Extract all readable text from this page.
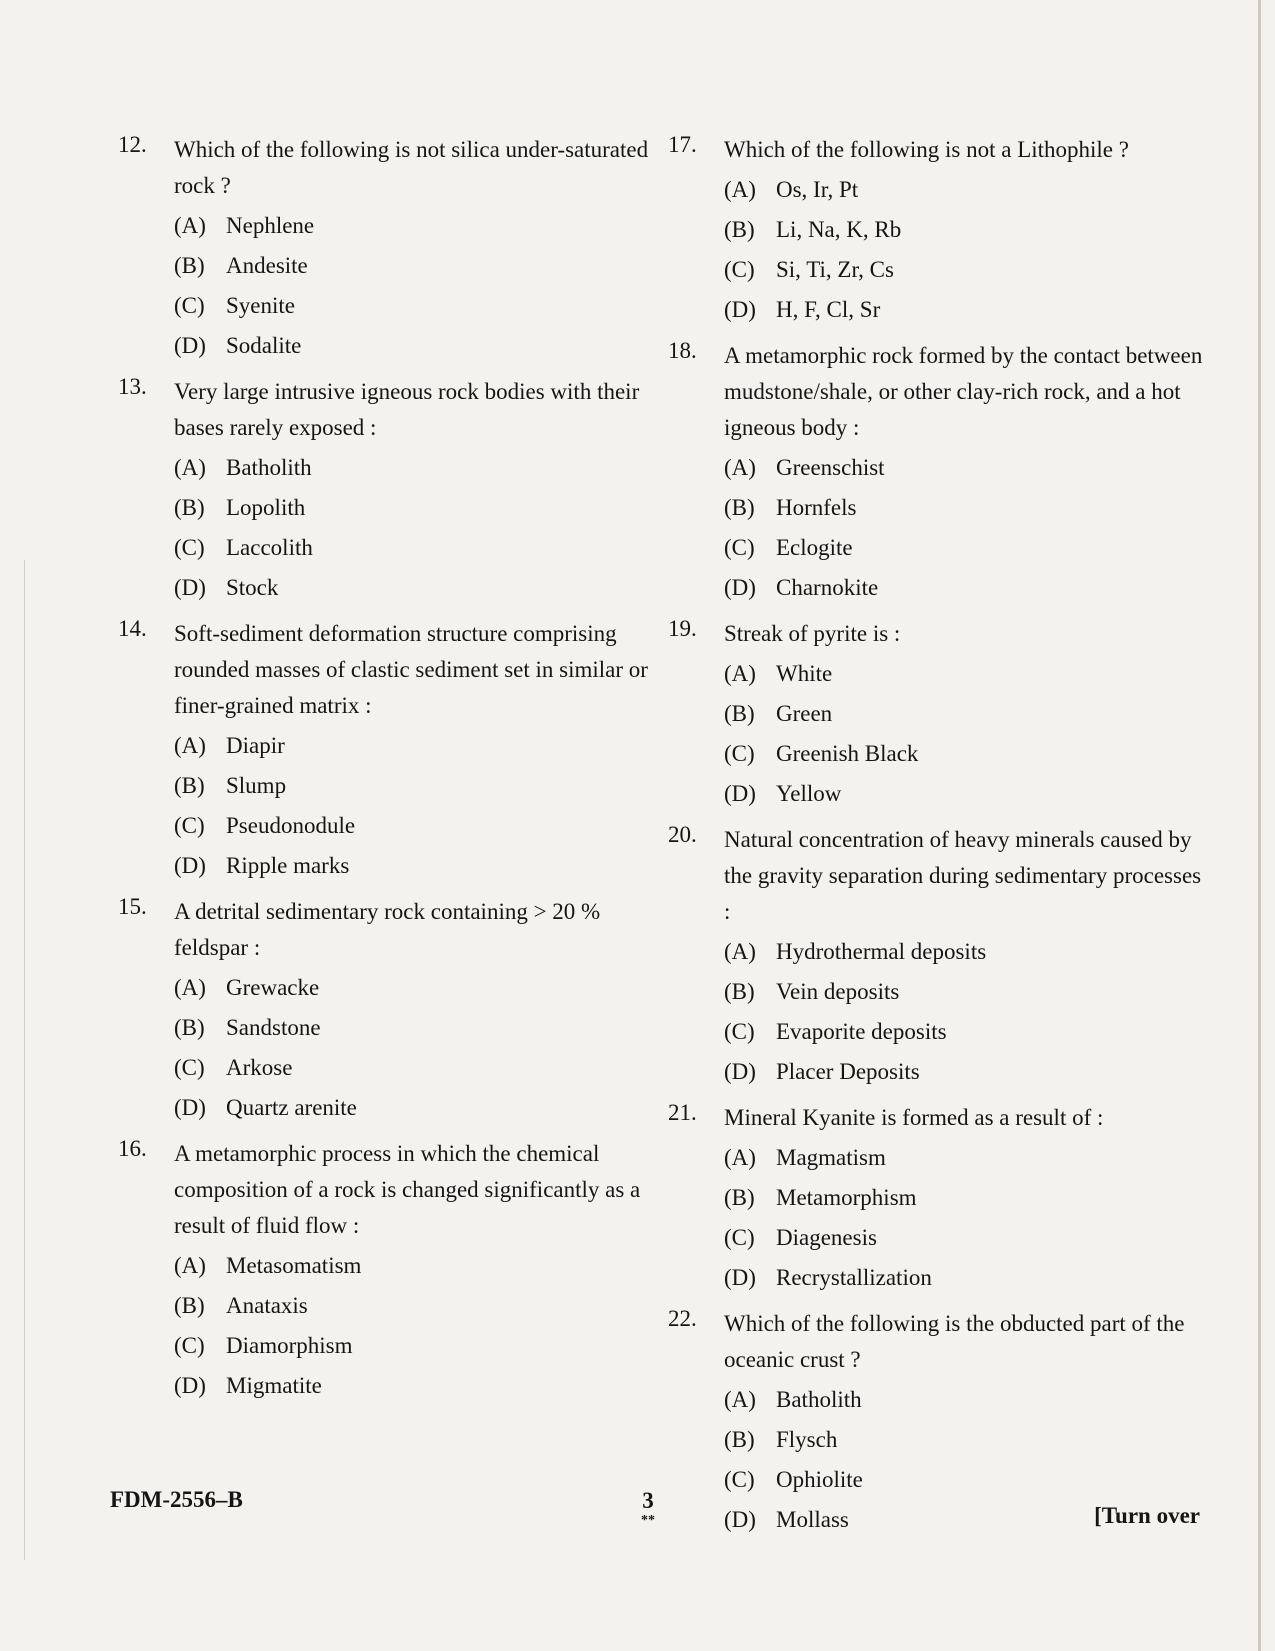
12.	Which of the following is not silica under-saturated rock ?
(A) Nephlene
(B) Andesite
(C) Syenite
(D) Sodalite
13.	Very large intrusive igneous rock bodies with their bases rarely exposed :
(A) Batholith
(B) Lopolith
(C) Laccolith
(D) Stock
14.	Soft-sediment deformation structure comprising rounded masses of clastic sediment set in similar or finer-grained matrix :
(A) Diapir
(B) Slump
(C) Pseudonodule
(D) Ripple marks
15.	A detrital sedimentary rock containing > 20 % feldspar :
(A) Grewacke
(B) Sandstone
(C) Arkose
(D) Quartz arenite
16.	A metamorphic process in which the chemical composition of a rock is changed significantly as a result of fluid flow :
(A) Metasomatism
(B) Anataxis
(C) Diamorphism
(D) Migmatite
17.	Which of the following is not a Lithophile ?
(A) Os, Ir, Pt
(B) Li, Na, K, Rb
(C) Si, Ti, Zr, Cs
(D) H, F, Cl, Sr
18.	A metamorphic rock formed by the contact between mudstone/shale, or other clay-rich rock, and a hot igneous body :
(A) Greenschist
(B) Hornfels
(C) Eclogite
(D) Charnokite
19.	Streak of pyrite is :
(A) White
(B) Green
(C) Greenish Black
(D) Yellow
20.	Natural concentration of heavy minerals caused by the gravity separation during sedimentary processes :
(A) Hydrothermal deposits
(B) Vein deposits
(C) Evaporite deposits
(D) Placer Deposits
21.	Mineral Kyanite is formed as a result of :
(A) Magmatism
(B) Metamorphism
(C) Diagenesis
(D) Recrystallization
22.	Which of the following is the obducted part of the oceanic crust ?
(A) Batholith
(B) Flysch
(C) Ophiolite
(D) Mollass
FDM-2556–B	3
**	[Turn over
